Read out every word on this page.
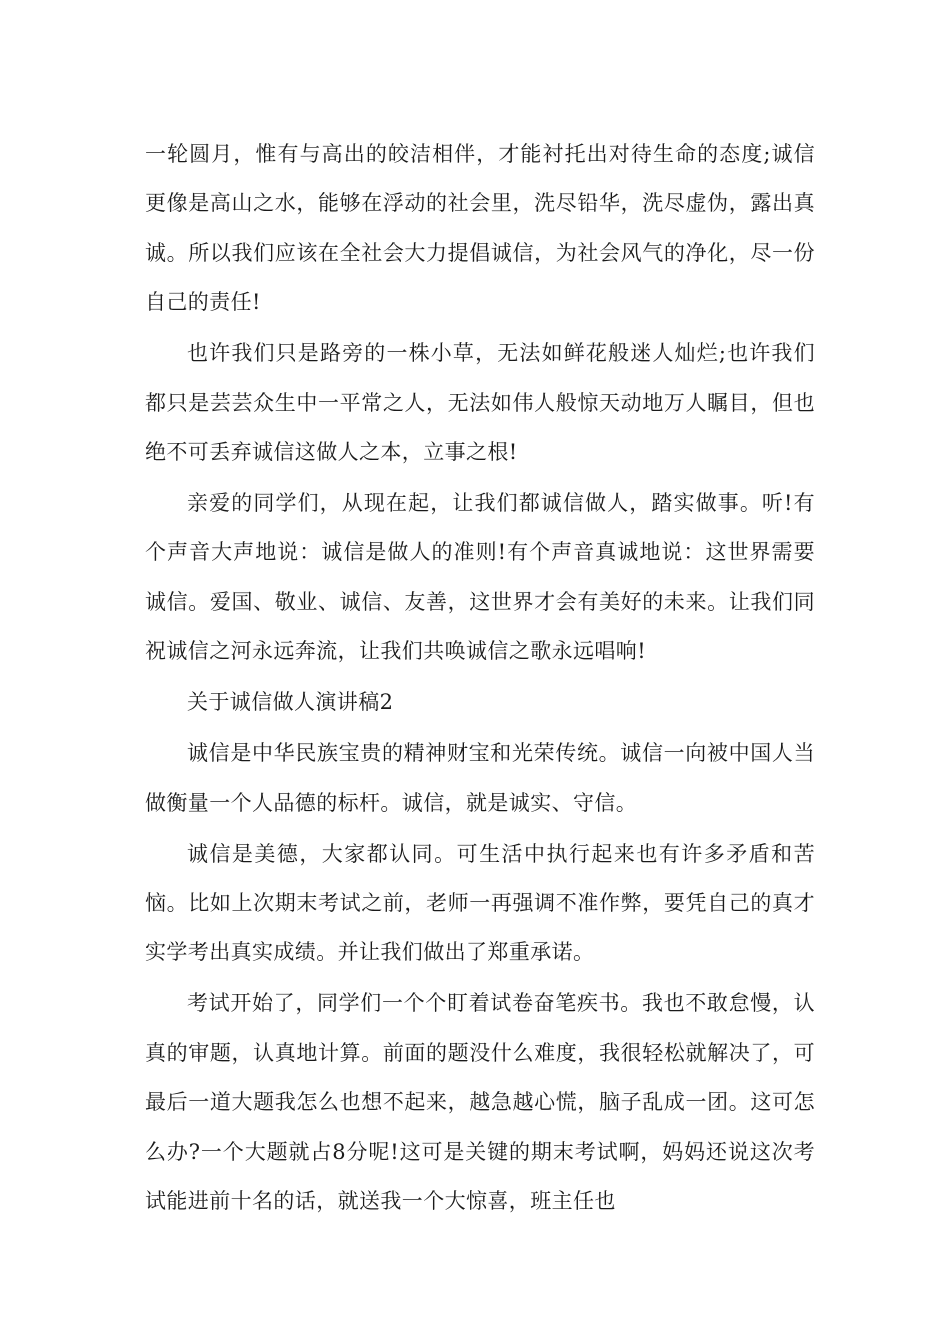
一轮圆月，惟有与高出的皎洁相伴，才能衬托出对待生命的态度;诚信更像是高山之水，能够在浮动的社会里，洗尽铅华，洗尽虚伪，露出真诚。所以我们应该在全社会大力提倡诚信，为社会风气的净化，尽一份自己的责任!

也许我们只是路旁的一株小草，无法如鲜花般迷人灿烂;也许我们都只是芸芸众生中一平常之人，无法如伟人般惊天动地万人瞩目，但也绝不可丢弃诚信这做人之本，立事之根!

亲爱的同学们，从现在起，让我们都诚信做人，踏实做事。听!有个声音大声地说：诚信是做人的准则!有个声音真诚地说：这世界需要诚信。爱国、敬业、诚信、友善，这世界才会有美好的未来。让我们同祝诚信之河永远奔流，让我们共唤诚信之歌永远唱响!

关于诚信做人演讲稿2

诚信是中华民族宝贵的精神财宝和光荣传统。诚信一向被中国人当做衡量一个人品德的标杆。诚信，就是诚实、守信。

诚信是美德，大家都认同。可生活中执行起来也有许多矛盾和苦恼。比如上次期末考试之前，老师一再强调不准作弊，要凭自己的真才实学考出真实成绩。并让我们做出了郑重承诺。

考试开始了，同学们一个个盯着试卷奋笔疾书。我也不敢怠慢，认真的审题，认真地计算。前面的题没什么难度，我很轻松就解决了，可最后一道大题我怎么也想不起来，越急越心慌，脑子乱成一团。这可怎么办?一个大题就占8分呢!这可是关键的期末考试啊，妈妈还说这次考试能进前十名的话，就送我一个大惊喜，班主任也
